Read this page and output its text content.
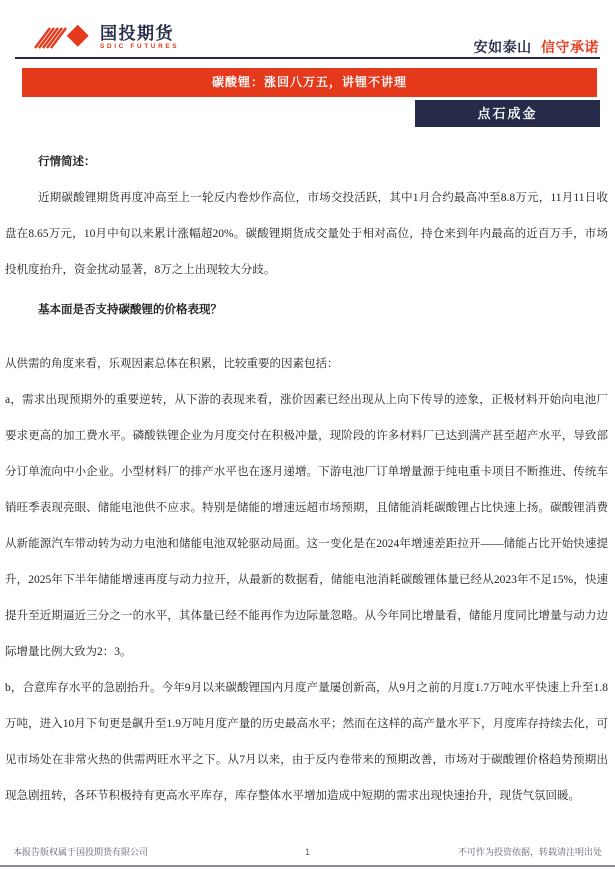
国投期货
SDIC FUTURES	安如泰山 信守承诺
碳酸锂：涨回八万五，讲锂不讲理
点石成金
行情简述：

近期碳酸锂期货再度冲高至上一轮反内卷炒作高位，市场交投活跃，其中1月合约最高冲至8.8万元，11月11日收盘在8.65万元，10月中旬以来累计涨幅超20%。碳酸锂期货成交量处于相对高位，持仓来到年内最高的近百万手，市场投机度抬升，资金扰动显著，8万之上出现较大分歧。

基本面是否支持碳酸锂的价格表现？

从供需的角度来看，乐观因素总体在积累，比较重要的因素包括：

a，需求出现预期外的重要逆转，从下游的表现来看，涨价因素已经出现从上向下传导的迹象，正极材料开始向电池厂要求更高的加工费水平。磷酸铁锂企业为月度交付在积极冲量，现阶段的许多材料厂已达到满产甚至超产水平，导致部分订单流向中小企业。小型材料厂的排产水平也在逐月递增。下游电池厂订单增量源于纯电重卡项目不断推进、传统车销旺季表现亮眼、储能电池供不应求。特别是储能的增速远超市场预期，且储能消耗碳酸锂占比快速上扬。碳酸锂消费从新能源汽车带动转为动力电池和储能电池双轮驱动局面。这一变化是在2024年增速差距拉开——储能占比开始快速提升，2025年下半年储能增速再度与动力拉开，从最新的数据看，储能电池消耗碳酸锂体量已经从2023年不足15%，快速提升至近期逼近三分之一的水平，其体量已经不能再作为边际量忽略。从今年同比增量看，储能月度同比增量与动力边际增量比例大致为2：3。

b，合意库存水平的急剧抬升。今年9月以来碳酸锂国内月度产量屡创新高，从9月之前的月度1.7万吨水平快速上升至1.8万吨，进入10月下旬更是飙升至1.9万吨月度产量的历史最高水平；然而在这样的高产量水平下，月度库存持续去化，可见市场处在非常火热的供需两旺水平之下。从7月以来，由于反内卷带来的预期改善，市场对于碳酸锂价格趋势预期出现急剧扭转，各环节积极持有更高水平库存，库存整体水平增加造成中短期的需求出现快速抬升，现货气氛回暖。

1
本报告版权属于国投期货有限公司	不可作为投资依据，转载请注明出处
